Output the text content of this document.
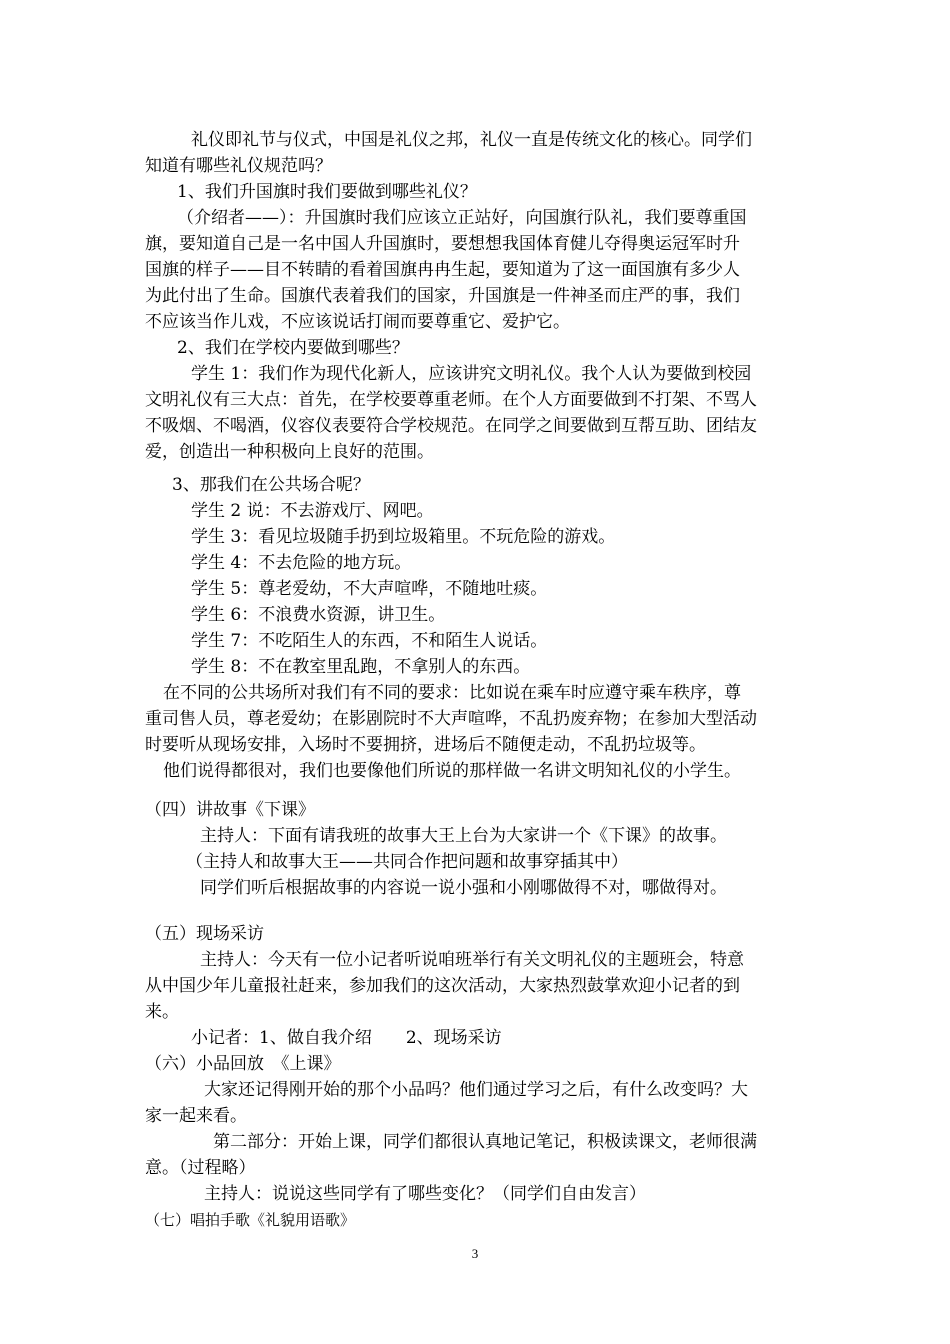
礼仪即礼节与仪式，中国是礼仪之邦，礼仪一直是传统文化的核心。同学们
知道有哪些礼仪规范吗？
1、我们升国旗时我们要做到哪些礼仪？
（介绍者——）：升国旗时我们应该立正站好，向国旗行队礼，我们要尊重国
旗，要知道自己是一名中国人升国旗时，要想想我国体育健儿夺得奥运冠军时升
国旗的样子——目不转睛的看着国旗冉冉生起，要知道为了这一面国旗有多少人
为此付出了生命。国旗代表着我们的国家，升国旗是一件神圣而庄严的事，我们
不应该当作儿戏，不应该说话打闹而要尊重它、爱护它。
2、我们在学校内要做到哪些？
学生 1：我们作为现代化新人，应该讲究文明礼仪。我个人认为要做到校园
文明礼仪有三大点：首先，在学校要尊重老师。在个人方面要做到不打架、不骂人
不吸烟、不喝酒，仪容仪表要符合学校规范。在同学之间要做到互帮互助、团结友
爱，创造出一种积极向上良好的范围。
3、那我们在公共场合呢？
学生 2 说：不去游戏厅、网吧。
学生 3：看见垃圾随手扔到垃圾箱里。不玩危险的游戏。
学生 4：不去危险的地方玩。
学生 5：尊老爱幼，不大声喧哗，不随地吐痰。
学生 6：不浪费水资源，讲卫生。
学生 7：不吃陌生人的东西，不和陌生人说话。
学生 8：不在教室里乱跑，不拿别人的东西。
在不同的公共场所对我们有不同的要求：比如说在乘车时应遵守乘车秩序，尊
重司售人员，尊老爱幼；在影剧院时不大声喧哗，不乱扔废弃物；在参加大型活动
时要听从现场安排，入场时不要拥挤，进场后不随便走动，不乱扔垃圾等。
他们说得都很对，我们也要像他们所说的那样做一名讲文明知礼仪的小学生。
（四）讲故事《下课》
主持人：下面有请我班的故事大王上台为大家讲一个《下课》的故事。
（主持人和故事大王——共同合作把问题和故事穿插其中）
同学们听后根据故事的内容说一说小强和小刚哪做得不对，哪做得对。
（五）现场采访
主持人：今天有一位小记者听说咱班举行有关文明礼仪的主题班会，特意
从中国少年儿童报社赶来，参加我们的这次活动，大家热烈鼓掌欢迎小记者的到
来。
小记者：1、做自我介绍　　2、现场采访
（六）小品回放　《上课》
大家还记得刚开始的那个小品吗？他们通过学习之后，有什么改变吗？大
家一起来看。
第二部分：开始上课，同学们都很认真地记笔记，积极读课文，老师很满
意。（过程略）
主持人：说说这些同学有了哪些变化？（同学们自由发言）
（七）唱拍手歌《礼貌用语歌》
3
